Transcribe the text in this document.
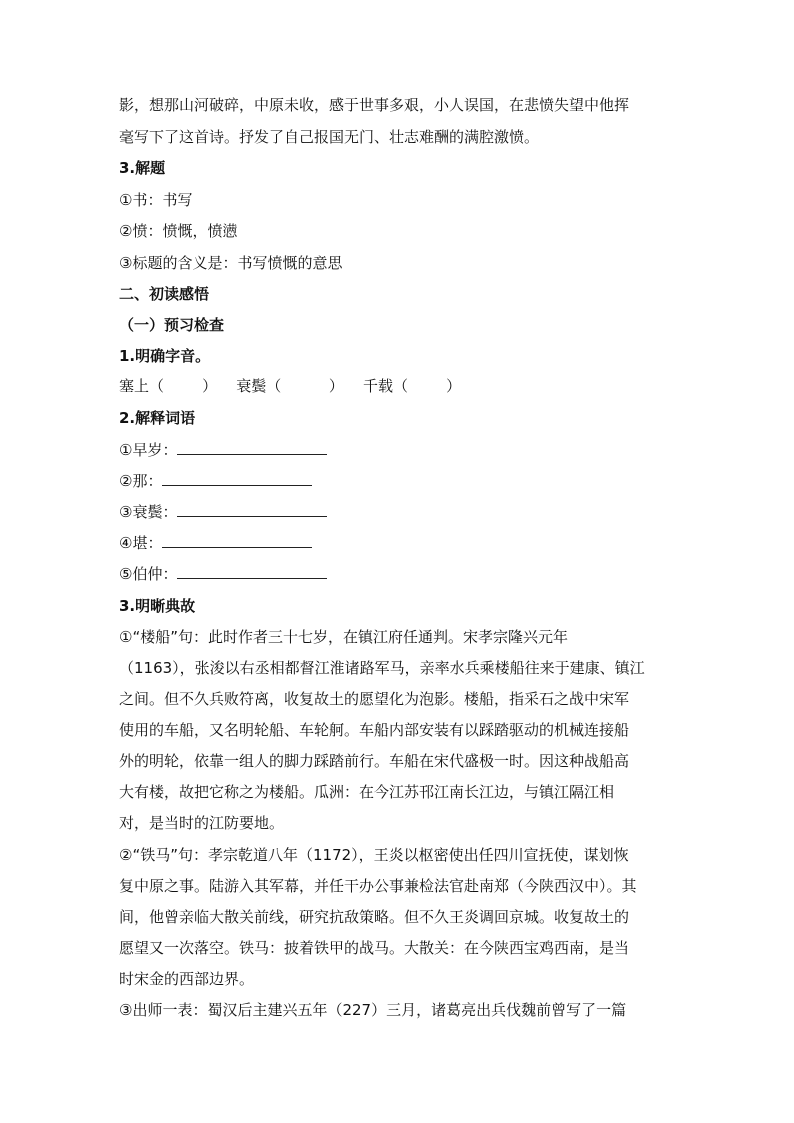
影，想那山河破碎，中原未收，感于世事多艰，小人误国，在悲愤失望中他挥
毫写下了这首诗。抒发了自己报国无门、壮志难酬的满腔激愤。
3.解题
①书：书写
②愤：愤慨，愤懑
③标题的含义是：书写愤慨的意思
二、初读感悟
（一）预习检查
1.明确字音。
塞上（        ）    衰鬓（          ）    千载（        ）
2.解释词语
①早岁：
②那：
③衰鬓：
④堪：
⑤伯仲：
3.明晰典故
①“楼船”句：此时作者三十七岁，在镇江府任通判。宋孝宗隆兴元年
（1163），张浚以右丞相都督江淮诸路军马，亲率水兵乘楼船往来于建康、镇江
之间。但不久兵败符离，收复故土的愿望化为泡影。楼船，指采石之战中宋军
使用的车船，又名明轮船、车轮舸。车船内部安装有以踩踏驱动的机械连接船
外的明轮，依靠一组人的脚力踩踏前行。车船在宋代盛极一时。因这种战船高
大有楼，故把它称之为楼船。瓜洲：在今江苏邗江南长江边，与镇江隔江相
对，是当时的江防要地。
②“铁马”句：孝宗乾道八年（1172），王炎以枢密使出任四川宣抚使，谋划恢
复中原之事。陆游入其军幕，并任干办公事兼检法官赴南郑（今陕西汉中）。其
间，他曾亲临大散关前线，研究抗敌策略。但不久王炎调回京城。收复故土的
愿望又一次落空。铁马：披着铁甲的战马。大散关：在今陕西宝鸡西南，是当
时宋金的西部边界。
③出师一表：蜀汉后主建兴五年（227）三月，诸葛亮出兵伐魏前曾写了一篇
